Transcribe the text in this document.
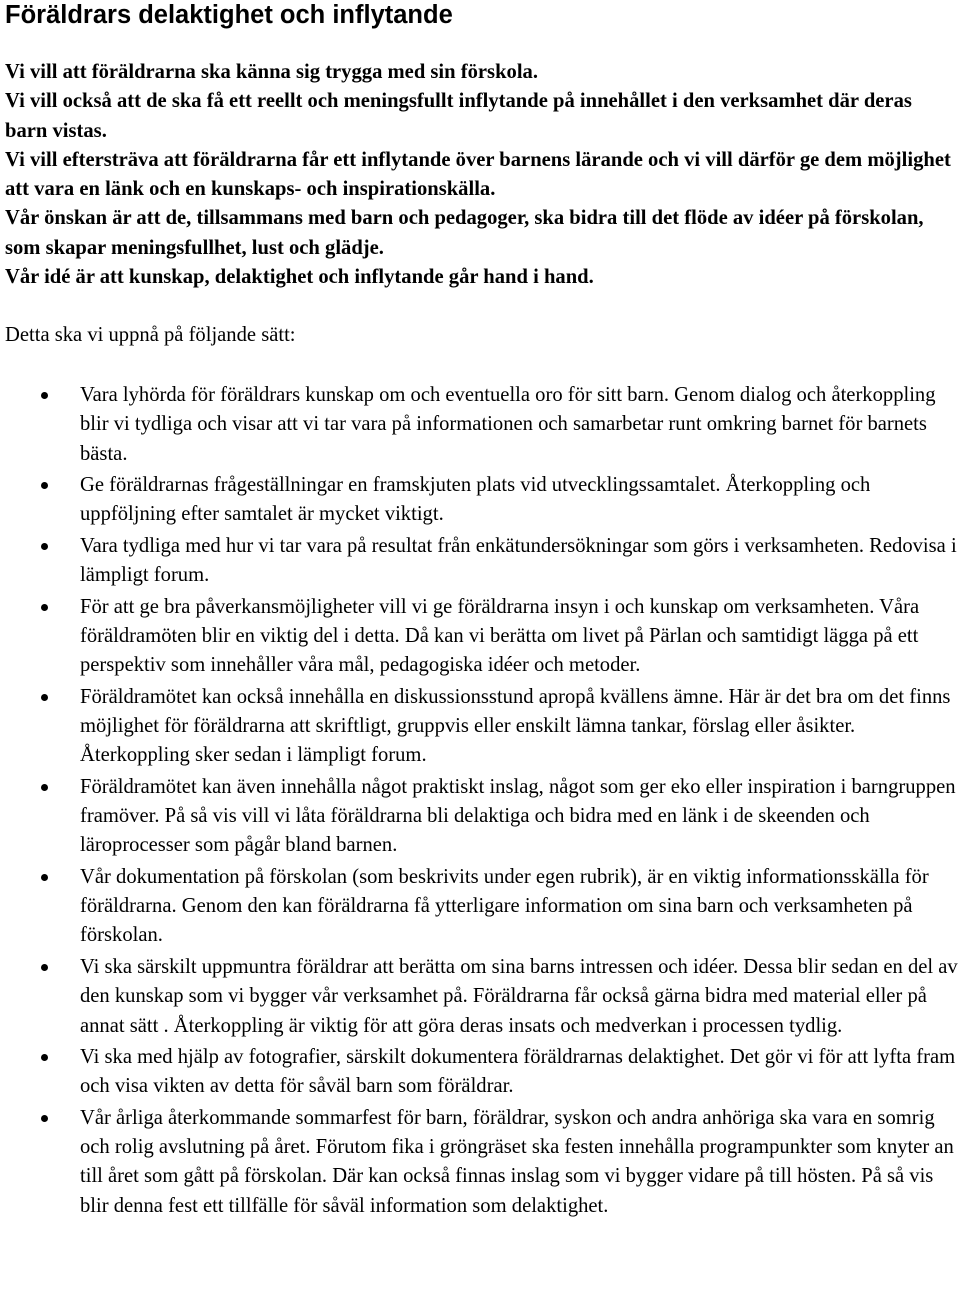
Föräldrars delaktighet och inflytande

Vi vill att föräldrarna ska känna sig trygga med sin förskola.

Vi vill också att de ska få ett reellt och meningsfullt inflytande på innehållet i den verksamhet där deras barn vistas.

Vi vill eftersträva att föräldrarna får ett inflytande över barnens lärande och vi vill därför ge dem möjlighet att vara en länk och en kunskaps- och inspirationskälla.

Vår önskan är att de, tillsammans med barn och pedagoger, ska bidra till det flöde av idéer på förskolan, som skapar meningsfullhet, lust och glädje.

Vår idé är att kunskap, delaktighet och inflytande går hand i hand.

Detta ska vi uppnå på följande sätt:

Vara lyhörda för föräldrars kunskap om och eventuella oro för sitt barn. Genom dialog och återkoppling blir vi tydliga och visar att vi tar vara på informationen och samarbetar runt omkring barnet för barnets bästa.
Ge föräldrarnas frågeställningar en framskjuten plats vid utvecklingssamtalet. Återkoppling och uppföljning efter samtalet är mycket viktigt.
Vara tydliga med hur vi tar vara på resultat från enkätundersökningar som görs i verksamheten. Redovisa i lämpligt forum.
För att ge bra påverkansmöjligheter vill vi ge föräldrarna insyn i och kunskap om verksamheten. Våra föräldramöten blir en viktig del i detta. Då kan vi berätta om livet på Pärlan och samtidigt lägga på ett perspektiv som innehåller våra mål, pedagogiska idéer och metoder.
Föräldramötet kan också innehålla en diskussionsstund apropå kvällens ämne. Här är det bra om det finns möjlighet för föräldrarna att skriftligt, gruppvis eller enskilt lämna tankar, förslag eller åsikter. Återkoppling sker sedan i lämpligt forum.
Föräldramötet kan även innehålla något praktiskt inslag, något som ger eko eller inspiration i barngruppen framöver. På så vis vill vi låta föräldrarna bli delaktiga och bidra med en länk i de skeenden och läroprocesser som pågår bland barnen.
Vår dokumentation på förskolan (som beskrivits under egen rubrik), är en viktig informationsskälla för föräldrarna. Genom den kan föräldrarna få ytterligare information om sina barn och verksamheten på förskolan.
Vi ska särskilt uppmuntra föräldrar att berätta om sina barns intressen och idéer. Dessa blir sedan en del av den kunskap som vi bygger vår verksamhet på. Föräldrarna får också gärna bidra med material eller på annat sätt . Återkoppling är viktig för att göra deras insats och medverkan i processen tydlig.
Vi ska med hjälp av fotografier, särskilt dokumentera föräldrarnas delaktighet. Det gör vi för att lyfta fram och visa vikten av detta för såväl barn som föräldrar.
Vår årliga återkommande sommarfest för barn, föräldrar, syskon och andra anhöriga ska vara en somrig och rolig avslutning på året. Förutom fika i gröngräset ska festen innehålla programpunkter som knyter an till året som gått på förskolan. Där kan också finnas inslag som vi bygger vidare på till hösten. På så vis blir denna fest ett tillfälle för såväl information som delaktighet.
